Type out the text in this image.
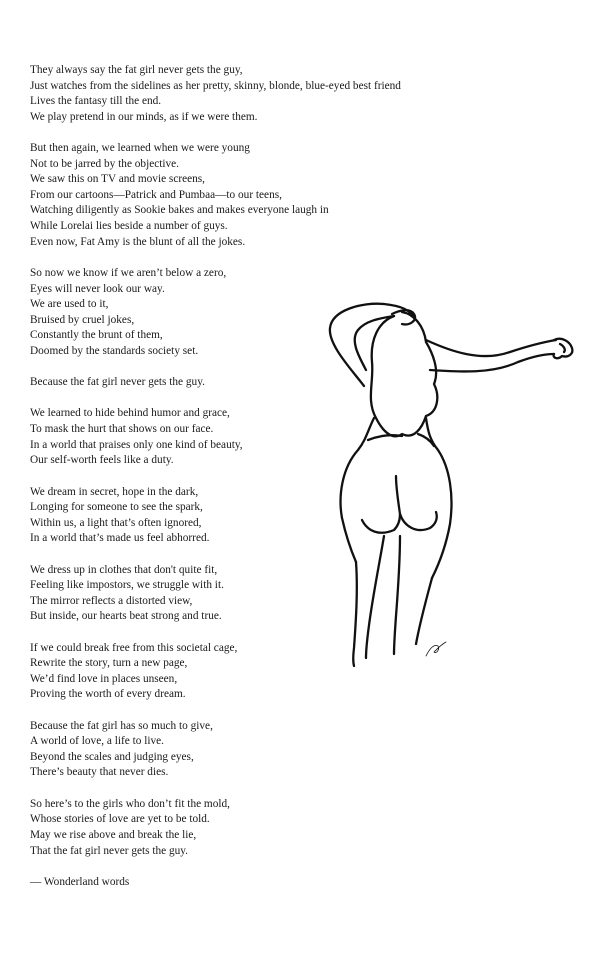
They always say the fat girl never gets the guy,
Just watches from the sidelines as her pretty, skinny, blonde, blue-eyed best friend
Lives the fantasy till the end.
We play pretend in our minds, as if we were them.
But then again, we learned when we were young
Not to be jarred by the objective.
We saw this on TV and movie screens,
From our cartoons—Patrick and Pumbaa—to our teens,
Watching diligently as Sookie bakes and makes everyone laugh in
While Lorelai lies beside a number of guys.
Even now, Fat Amy is the blunt of all the jokes.
So now we know if we aren’t below a zero,
Eyes will never look our way.
We are used to it,
Bruised by cruel jokes,
Constantly the brunt of them,
Doomed by the standards society set.
Because the fat girl never gets the guy.
We learned to hide behind humor and grace,
To mask the hurt that shows on our face.
In a world that praises only one kind of beauty,
Our self-worth feels like a duty.
We dream in secret, hope in the dark,
Longing for someone to see the spark,
Within us, a light that’s often ignored,
In a world that’s made us feel abhorred.
We dress up in clothes that don't quite fit,
Feeling like impostors, we struggle with it.
The mirror reflects a distorted view,
But inside, our hearts beat strong and true.
If we could break free from this societal cage,
Rewrite the story, turn a new page,
We’d find love in places unseen,
Proving the worth of every dream.
Because the fat girl has so much to give,
A world of love, a life to live.
Beyond the scales and judging eyes,
There’s beauty that never dies.
So here’s to the girls who don’t fit the mold,
Whose stories of love are yet to be told.
May we rise above and break the lie,
That the fat girl never gets the guy.
— Wonderland words
